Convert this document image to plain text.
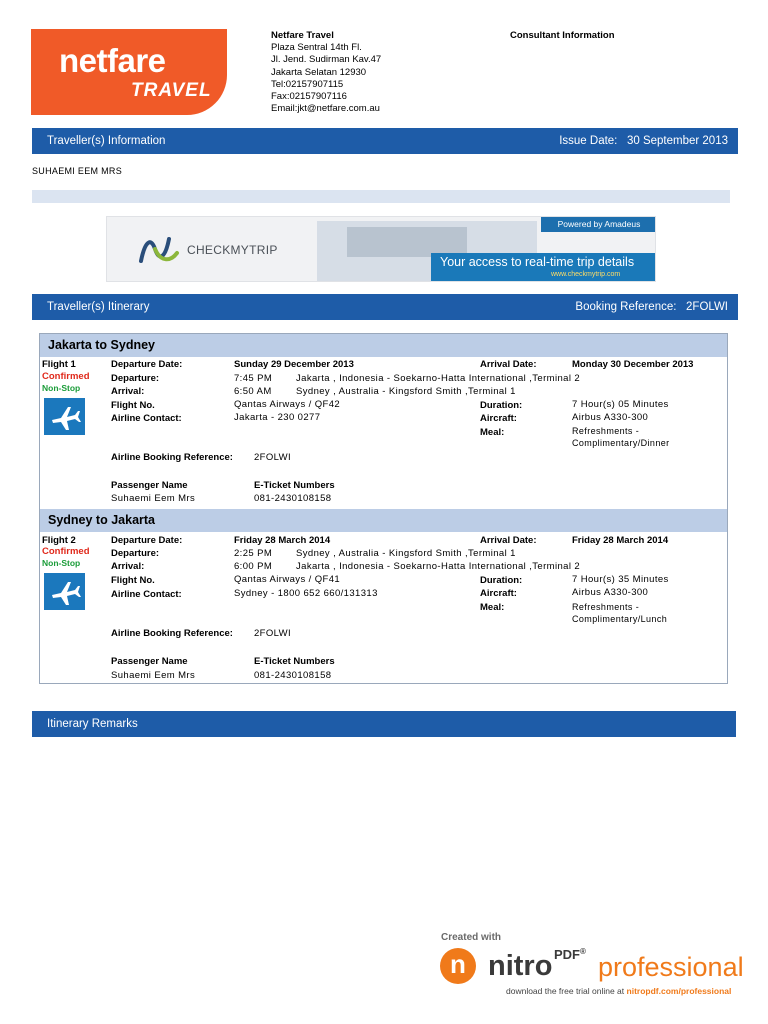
netfare
TRAVEL
Netfare Travel
Plaza Sentral 14th Fl.
Jl. Jend. Sudirman Kav.47
Jakarta Selatan 12930
Tel:02157907115
Fax:02157907116
Email:jkt@netfare.com.au
Consultant Information
Traveller(s) Information	Issue Date: 30 September 2013
SUHAEMI EEM MRS
CHECKMYTRIP
Powered by Amadeus
Your access to real-time trip details
www.checkmytrip.com
Traveller(s) Itinerary	Booking Reference: 2FOLWI
Jakarta to Sydney
Flight 1
Confirmed
Non-Stop
Departure Date:	Sunday 29 December 2013	Arrival Date:	Monday 30 December 2013
Departure:	7:45 PM	Jakarta , Indonesia - Soekarno-Hatta International ,Terminal 2
Arrival:	6:50 AM	Sydney , Australia - Kingsford Smith ,Terminal 1
Flight No.	Qantas Airways / QF42	Duration:	7 Hour(s) 05 Minutes
Airline Contact:	Jakarta - 230 0277	Aircraft:	Airbus A330-300
Meal:	Refreshments -
Complimentary/Dinner
Airline Booking Reference: 2FOLWI
Passenger Name	E-Ticket Numbers
Suhaemi Eem Mrs	081-2430108158
Sydney to Jakarta
Flight 2
Confirmed
Non-Stop
Departure Date:	Friday 28 March 2014	Arrival Date:	Friday 28 March 2014
Departure:	2:25 PM	Sydney , Australia - Kingsford Smith ,Terminal 1
Arrival:	6:00 PM	Jakarta , Indonesia - Soekarno-Hatta International ,Terminal 2
Flight No.	Qantas Airways / QF41	Duration:	7 Hour(s) 35 Minutes
Airline Contact:	Sydney - 1800 652 660/131313	Aircraft:	Airbus A330-300
Meal:	Refreshments -
Complimentary/Lunch
Airline Booking Reference: 2FOLWI
Passenger Name	E-Ticket Numbers
Suhaemi Eem Mrs	081-2430108158
Itinerary Remarks
Created with
n nitro PDF®
professional
download the free trial online at nitropdf.com/professional
